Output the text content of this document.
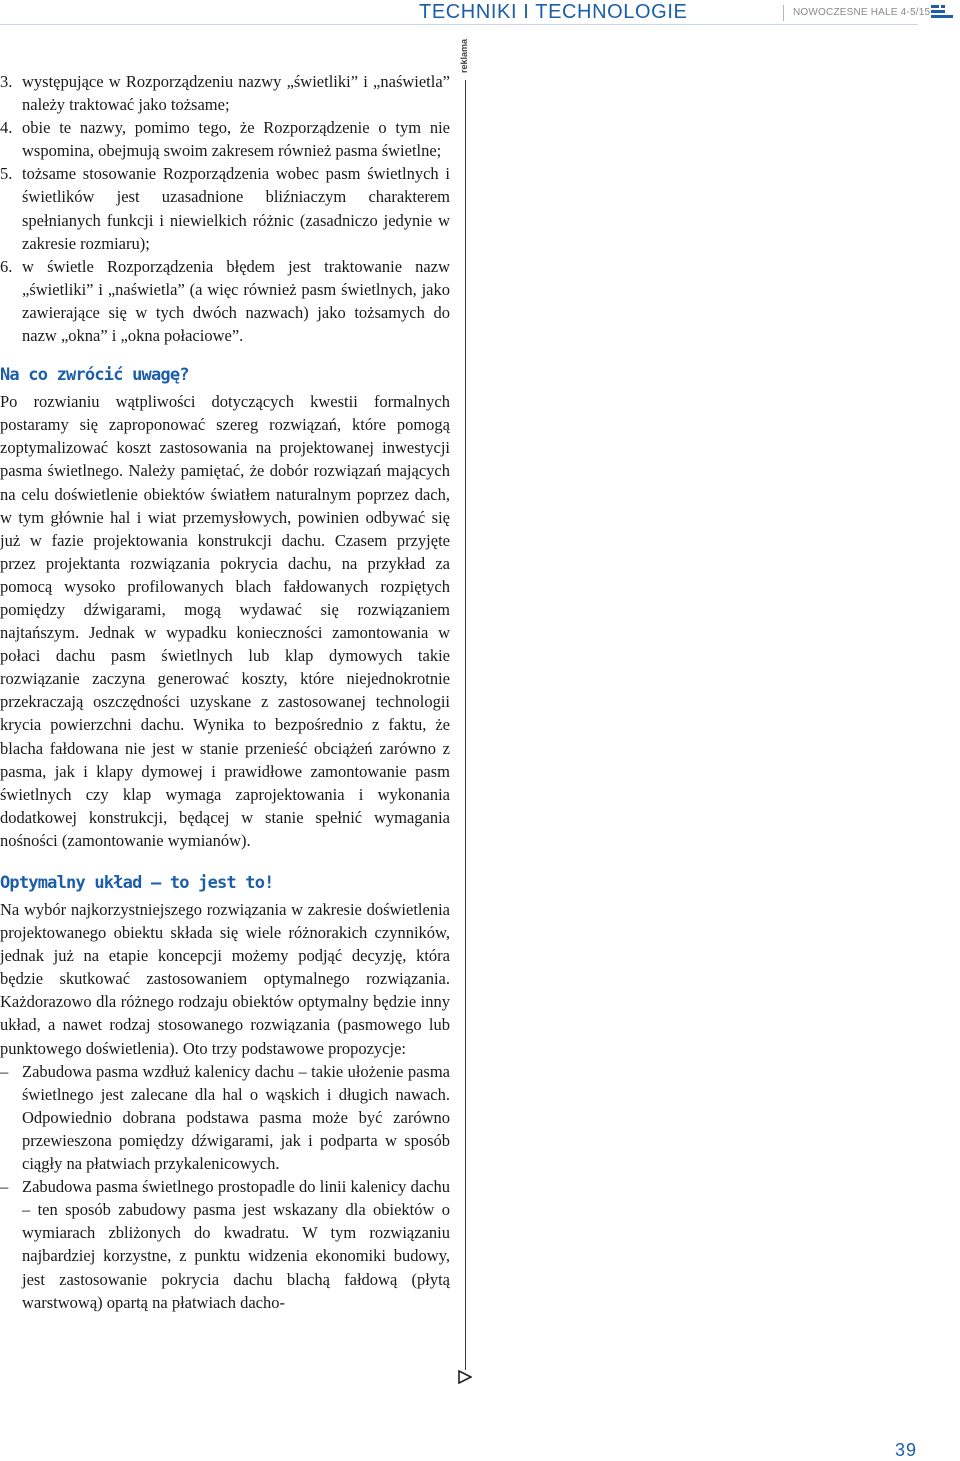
TECHNIKI I TECHNOLOGIE	NOWOCZESNE HALE 4-5/15
reklama
3. występujące w Rozporządzeniu nazwy „świetliki” i „naświetla” należy traktować jako tożsame;

4. obie te nazwy, pomimo tego, że Rozporządzenie o tym nie wspomina, obejmują swoim zakresem również pasma świetlne;

5. tożsame stosowanie Rozporządzenia wobec pasm świetlnych i świetlików jest uzasadnione bliźniaczym charakterem spełnianych funkcji i niewielkich różnic (zasadniczo jedynie w zakresie rozmiaru);

6. w świetle Rozporządzenia błędem jest traktowanie nazw „świetliki” i „naświetla” (a więc również pasm świetlnych, jako zawierające się w tych dwóch nazwach) jako tożsamych do nazw „okna” i „okna połaciowe”.

Na co zwrócić uwagę?

Po rozwianiu wątpliwości dotyczących kwestii formalnych postaramy się zaproponować szereg rozwiązań, które pomogą zoptymalizować koszt zastosowania na projektowanej inwestycji pasma świetlnego. Należy pamiętać, że dobór rozwiązań mających na celu doświetlenie obiektów światłem naturalnym poprzez dach, w tym głównie hal i wiat przemysłowych, powinien odbywać się już w fazie projektowania konstrukcji dachu. Czasem przyjęte przez projektanta rozwiązania pokrycia dachu, na przykład za pomocą wysoko profilowanych blach fałdowanych rozpiętych pomiędzy dźwigarami, mogą wydawać się rozwiązaniem najtańszym. Jednak w wypadku konieczności zamontowania w połaci dachu pasm świetlnych lub klap dymowych takie rozwiązanie zaczyna generować koszty, które niejednokrotnie przekraczają oszczędności uzyskane z zastosowanej technologii krycia powierzchni dachu. Wynika to bezpośrednio z faktu, że blacha fałdowana nie jest w stanie przenieść obciążeń zarówno z pasma, jak i klapy dymowej i prawidłowe zamontowanie pasm świetlnych czy klap wymaga zaprojektowania i wykonania dodatkowej konstrukcji, będącej w stanie spełnić wymagania nośności (zamontowanie wymianów).

Optymalny układ – to jest to!

Na wybór najkorzystniejszego rozwiązania w zakresie doświetlenia projektowanego obiektu składa się wiele różnorakich czynników, jednak już na etapie koncepcji możemy podjąć decyzję, która będzie skutkować zastosowaniem optymalnego rozwiązania. Każdorazowo dla różnego rodzaju obiektów optymalny będzie inny układ, a nawet rodzaj stosowanego rozwiązania (pasmowego lub punktowego doświetlenia). Oto trzy podstawowe propozycje:

– Zabudowa pasma wzdłuż kalenicy dachu – takie ułożenie pasma świetlnego jest zalecane dla hal o wąskich i długich nawach. Odpowiednio dobrana podstawa pasma może być zarówno przewieszona pomiędzy dźwigarami, jak i podparta w sposób ciągły na płatwiach przykalenicowych.

– Zabudowa pasma świetlnego prostopadle do linii kalenicy dachu – ten sposób zabudowy pasma jest wskazany dla obiektów o wymiarach zbliżonych do kwadratu. W tym rozwiązaniu najbardziej korzystne, z punktu widzenia ekonomiki budowy, jest zastosowanie pokrycia dachu blachą fałdową (płytą warstwową) opartą na płatwiach dacho-

39
